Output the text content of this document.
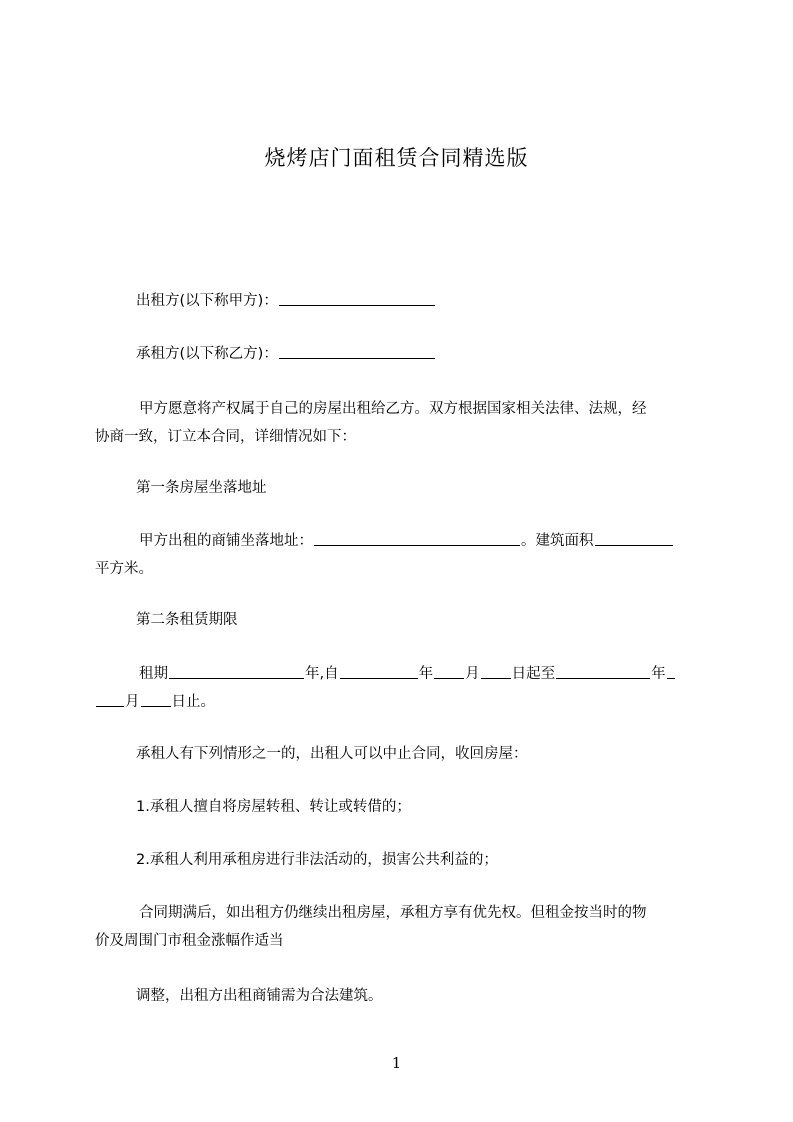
烧烤店门面租赁合同精选版
出租方(以下称甲方)：
承租方(以下称乙方)：
甲方愿意将产权属于自己的房屋出租给乙方。双方根据国家相关法律、法规，经
协商一致，订立本合同，详细情况如下：
第一条房屋坐落地址
甲方出租的商铺坐落地址：	。建筑面积
平方米。
第二条租赁期限
租期	年,自	年 月 日起至	年
月 日止。
承租人有下列情形之一的，出租人可以中止合同，收回房屋：
1.承租人擅自将房屋转租、转让或转借的；
2.承租人利用承租房进行非法活动的，损害公共利益的；
合同期满后，如出租方仍继续出租房屋，承租方享有优先权。但租金按当时的物
价及周围门市租金涨幅作适当
调整，出租方出租商铺需为合法建筑。
1
